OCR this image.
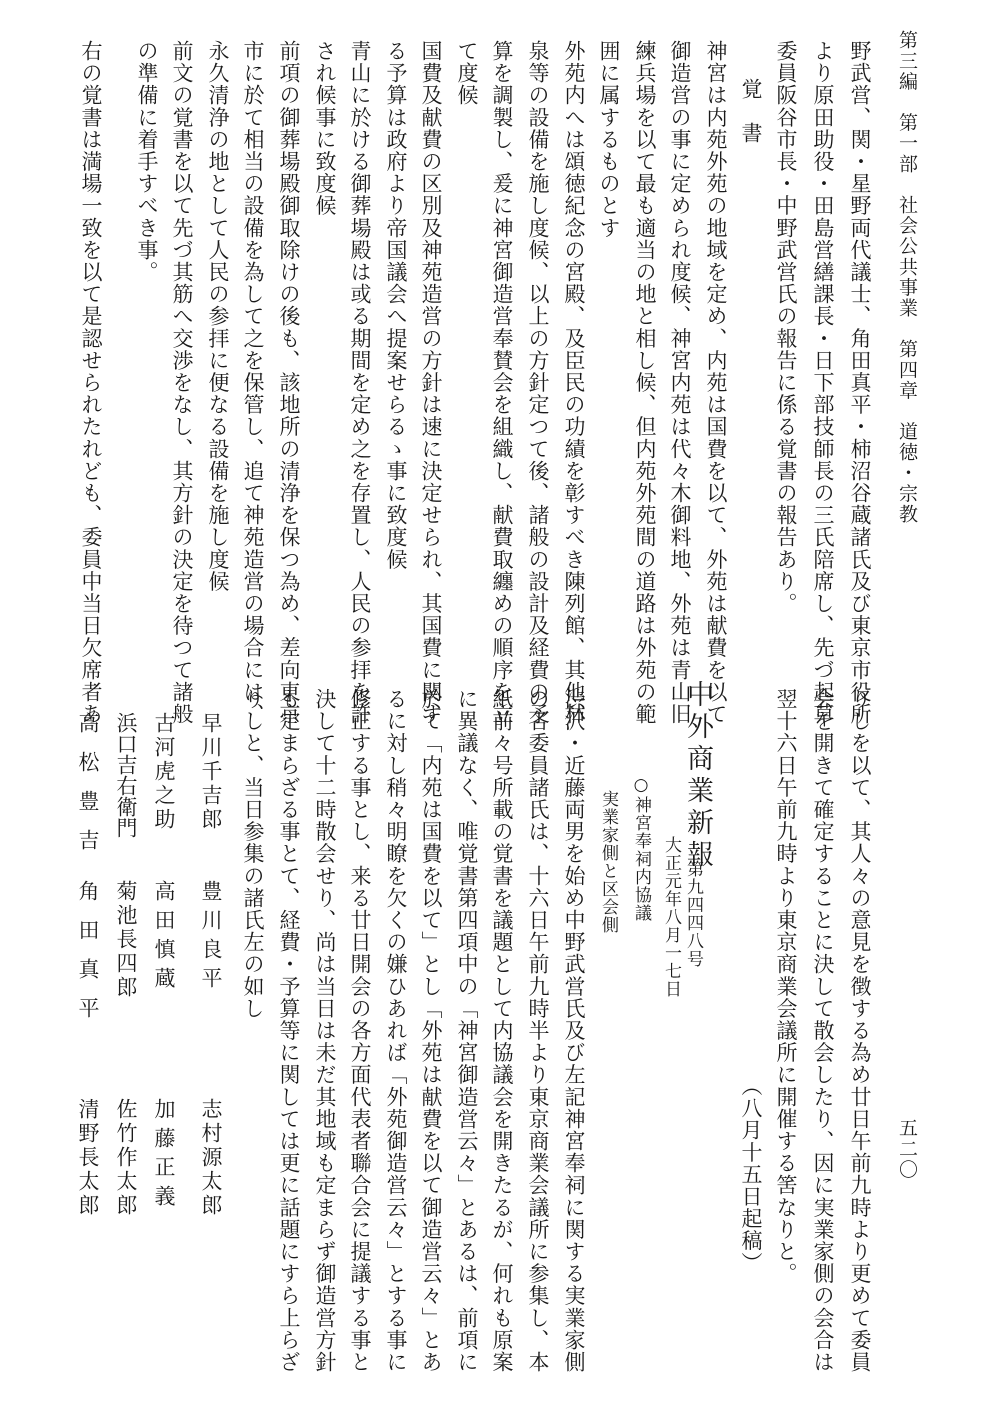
第三編　第一部　社会公共事業　第四章　道徳・宗教
五二〇
野武営、関・星野両代議士、角田真平・柿沼谷蔵諸氏及び東京市役所
より原田助役・田島営繕課長・日下部技師長の三氏陪席し、先づ起草
委員阪谷市長・中野武営氏の報告に係る覚書の報告あり。
覚　書
神宮は内苑外苑の地域を定め、内苑は国費を以て、外苑は献費を以て
御造営の事に定められ度候、神宮内苑は代々木御料地、外苑は青山旧
練兵場を以て最も適当の地と相し候、但内苑外苑間の道路は外苑の範
囲に属するものとす
外苑内へは頌徳紀念の宮殿、及臣民の功績を彰すべき陳列館、其他林
泉等の設備を施し度候、以上の方針定つて後、諸般の設計及経費の予
算を調製し、爰に神宮御造営奉賛会を組織し、献費取纏めの順序を立
て度候
国費及献費の区別及神苑造営の方針は速に決定せられ、其国費に関す
る予算は政府より帝国議会へ提案せらるゝ事に致度候
青山に於ける御葬場殿は或る期間を定め之を存置し、人民の参拝を許
され候事に致度候
前項の御葬場殿御取除けの後も、該地所の清浄を保つ為め、差向東京
市に於て相当の設備を為して之を保管し、追て神苑造営の場合には、
永久清浄の地として人民の参拝に便なる設備を施し度候
前文の覚書を以て先づ其筋へ交渉をなし、其方針の決定を待つて諸般
の準備に着手すべき事。
右の覚書は満場一致を以て是認せられたれども、委員中当日欠席者あ
りしを以て、其人々の意見を徴する為め廿日午前九時より更めて委員
会を開きて確定することに決して散会したり、因に実業家側の会合は
翌十六日午前九時より東京商業会議所に開催する筈なりと。
（八月十五日起稿）
中外商業新報
第九四四八号
大正元年八月一七日
○神宮奉祠内協議
実業家側と区会側
渋沢・近藤両男を始め中野武営氏及び左記神宮奉祠に関する実業家側
の各委員諸氏は、十六日午前九時半より東京商業会議所に参集し、本
紙前々号所載の覚書を議題として内協議会を開きたるが、何れも原案
に異議なく、唯覚書第四項中の「神宮御造営云々」とあるは、前項に
於て「内苑は国費を以て」とし「外苑は献費を以て御造営云々」とあ
るに対し稍々明瞭を欠くの嫌ひあれば「外苑御造営云々」とする事に
修正する事とし、来る廿日開会の各方面代表者聯合会に提議する事と
決して十二時散会せり、尚は当日は未だ其地域も定まらず御造営方針
も定まらざる事とて、経費・予算等に関しては更に話題にすら上らざ
りしと、当日参集の諸氏左の如し
早川千吉郎
豊川良平
志村源太郎
古河虎之助
高田慎蔵
加藤正義
浜口吉右衛門
菊池長四郎
佐竹作太郎
高松豊吉
角田真平
清野長太郎
